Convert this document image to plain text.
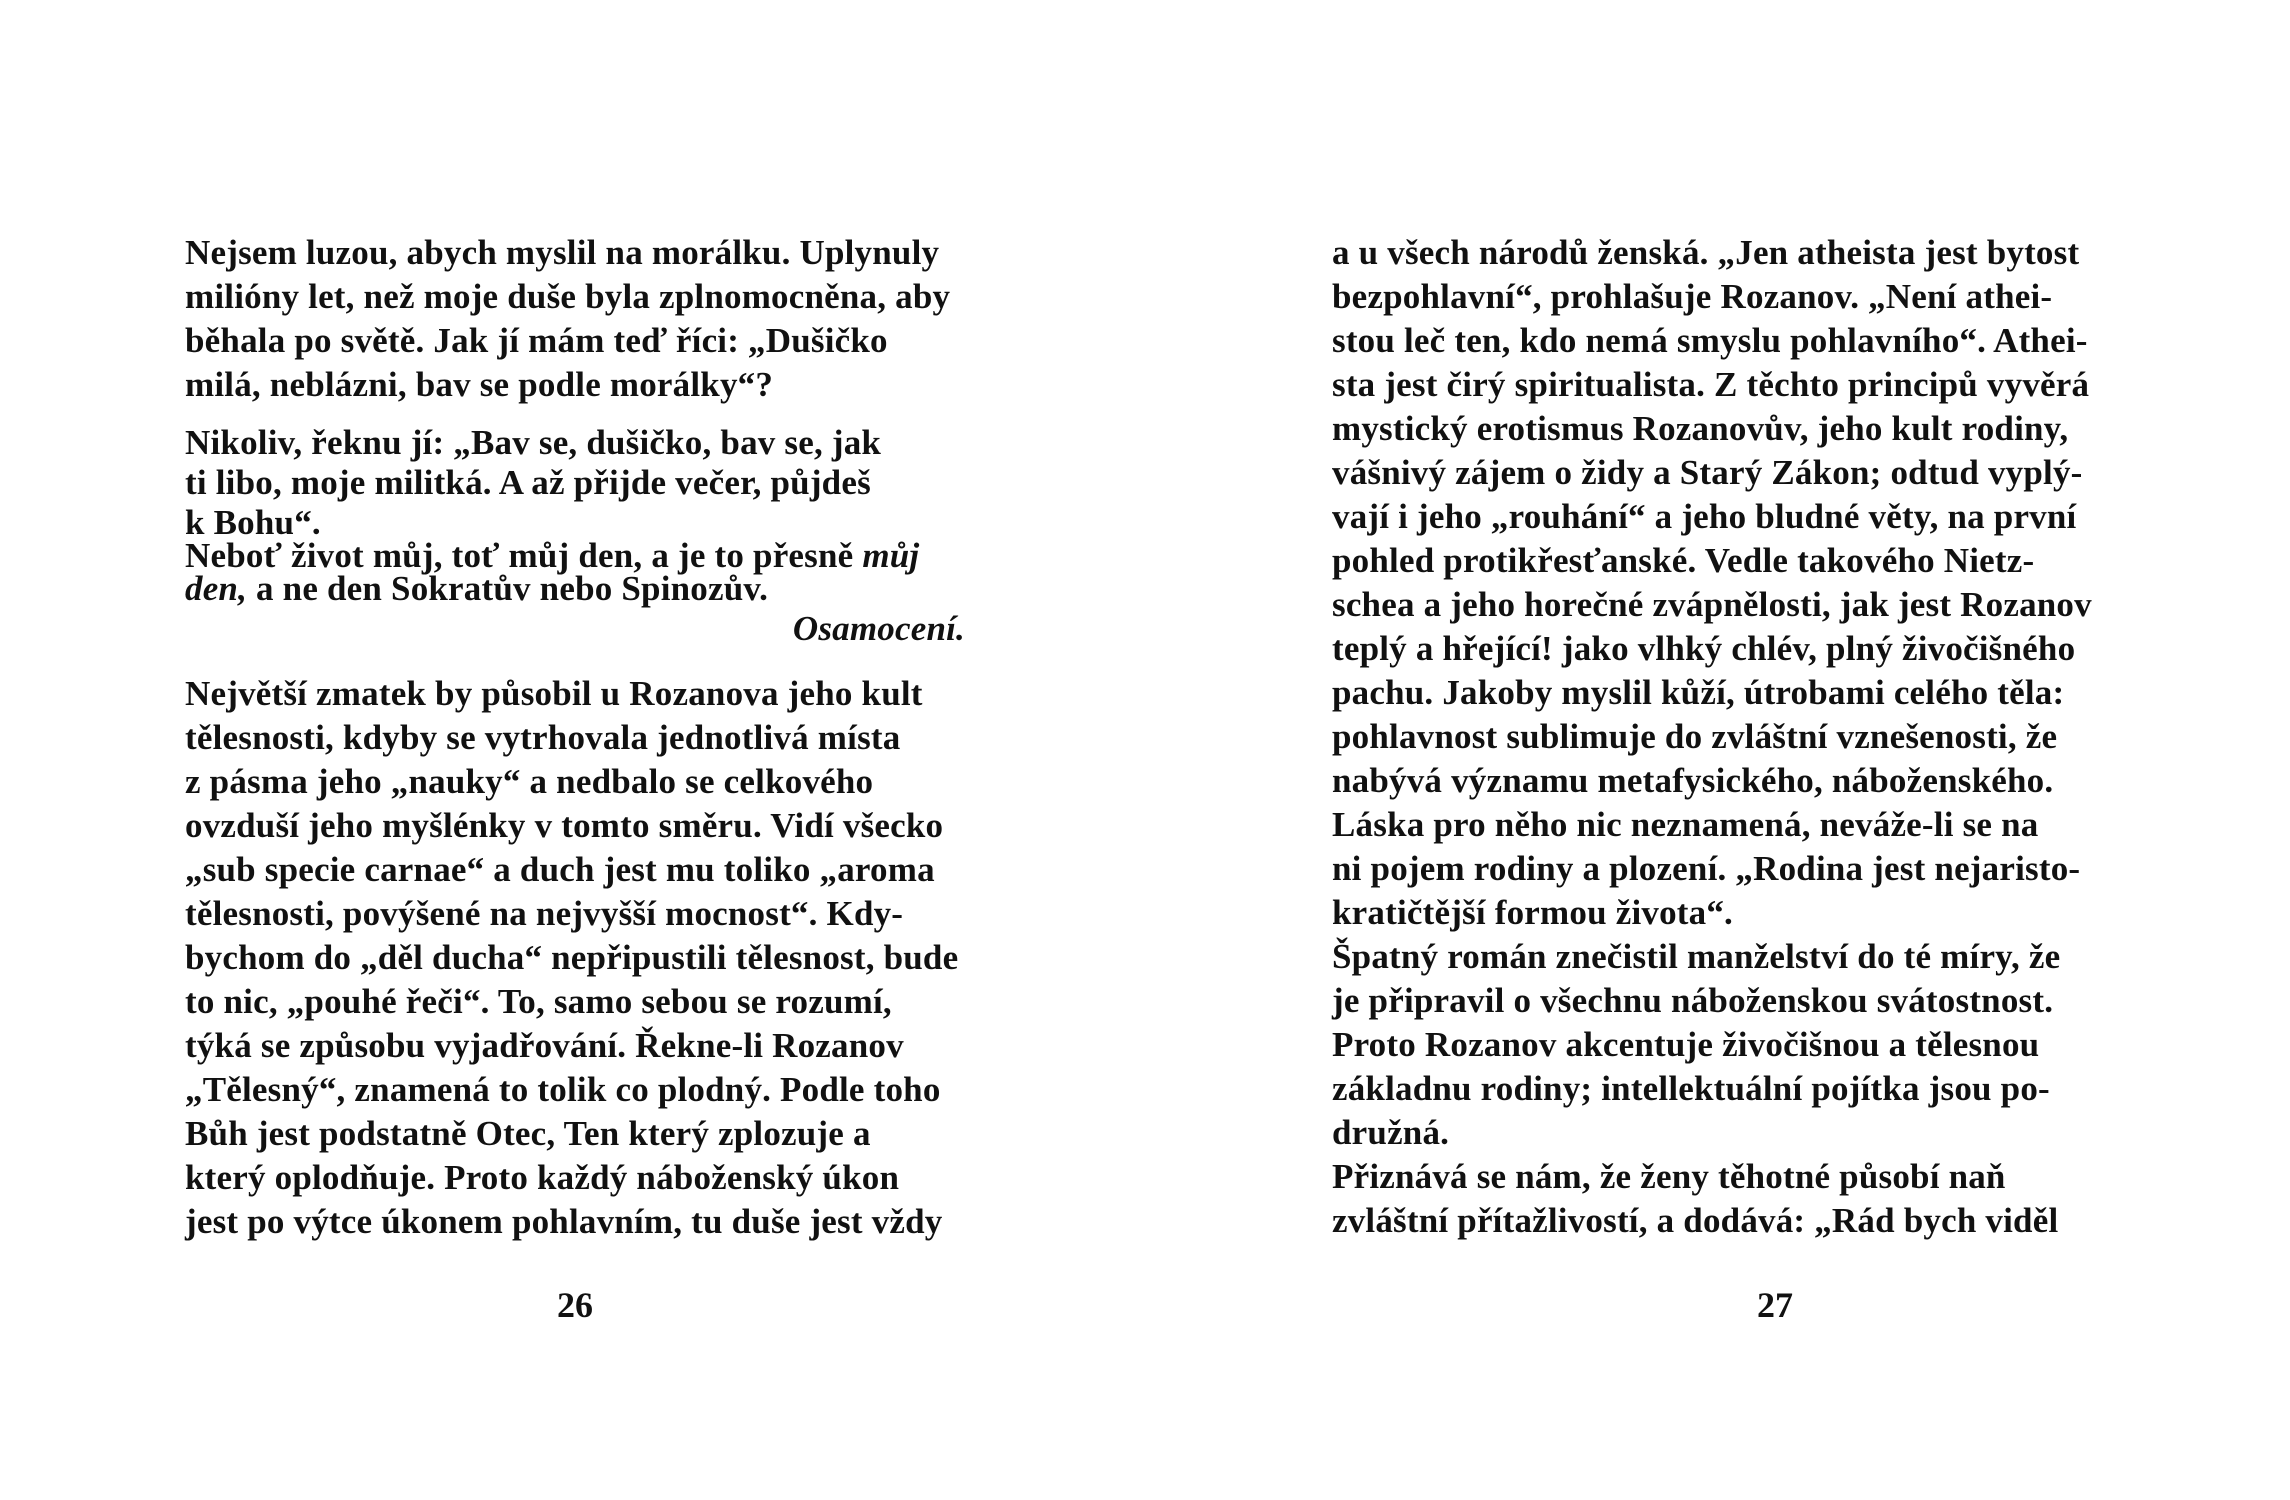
Nejsem luzou, abych myslil na morálku. Uplynuly
milióny let, než moje duše byla zplnomocněna, aby
běhala po světě. Jak jí mám teď říci: „Dušičko
milá, neblázni, bav se podle morálky“?
Nikoliv, řeknu jí: „Bav se, dušičko, bav se, jak
ti libo, moje militká. A až přijde večer, půjdeš
k Bohu“.
Neboť život můj, toť můj den, a je to přesně můj
den, a ne den Sokratův nebo Spinozův.
Osamocení.
Největší zmatek by působil u Rozanova jeho kult
tělesnosti, kdyby se vytrhovala jednotlivá místa
z pásma jeho „nauky“ a nedbalo se celkového
ovzduší jeho myšlénky v tomto směru. Vidí všecko
„sub specie carnae“ a duch jest mu toliko „aroma
tělesnosti, povýšené na nejvyšší mocnost“. Kdy-
bychom do „děl ducha“ nepřipustili tělesnost, bude
to nic, „pouhé řeči“. To, samo sebou se rozumí,
týká se způsobu vyjadřování. Řekne-li Rozanov
„Tělesný“, znamená to tolik co plodný. Podle toho
Bůh jest podstatně Otec, Ten který zplozuje a
který oplodňuje. Proto každý náboženský úkon
jest po výtce úkonem pohlavním, tu duše jest vždy
26
a u všech národů ženská. „Jen atheista jest bytost
bezpohlavní“, prohlašuje Rozanov. „Není athei-
stou leč ten, kdo nemá smyslu pohlavního“. Athei-
sta jest čirý spiritualista. Z těchto principů vyvěrá
mystický erotismus Rozanovův, jeho kult rodiny,
vášnivý zájem o židy a Starý Zákon; odtud vyplý-
vají i jeho „rouhání“ a jeho bludné věty, na první
pohled protikřesťanské. Vedle takového Nietz-
schea a jeho horečné zvápnělosti, jak jest Rozanov
teplý a hřející! jako vlhký chlév, plný živočišného
pachu. Jakoby myslil kůží, útrobami celého těla:
pohlavnost sublimuje do zvláštní vznešenosti, že
nabývá významu metafysického, náboženského.
Láska pro něho nic neznamená, neváže-li se na
ni pojem rodiny a plození. „Rodina jest nejaristo-
kratičtější formou života“.
Špatný román znečistil manželství do té míry, že
je připravil o všechnu náboženskou svátostnost.
Proto Rozanov akcentuje živočišnou a tělesnou
základnu rodiny; intellektuální pojítka jsou po-
družná.
Přiznává se nám, že ženy těhotné působí naň
zvláštní přítažlivostí, a dodává: „Rád bych viděl
27
